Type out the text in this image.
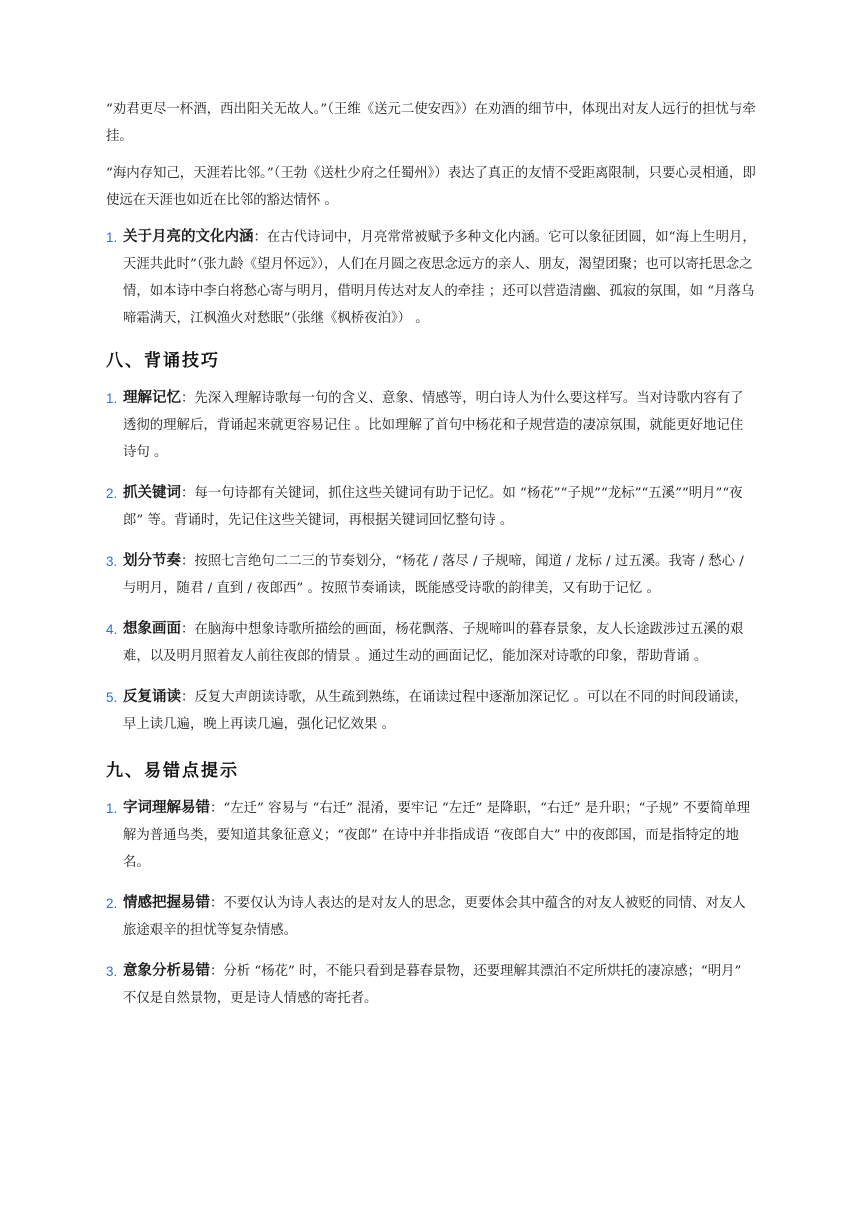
“劝君更尽一杯酒，西出阳关无故人。”（王维《送元二使安西》）在劝酒的细节中，体现出对友人远行的担忧与牵挂。

“海内存知己，天涯若比邻。”（王勃《送杜少府之任蜀州》）表达了真正的友情不受距离限制，只要心灵相通，即使远在天涯也如近在比邻的豁达情怀 。

1. 关于月亮的文化内涵：在古代诗词中，月亮常常被赋予多种文化内涵。它可以象征团圆，如“海上生明月，天涯共此时”（张九龄《望月怀远》），人们在月圆之夜思念远方的亲人、朋友，渴望团聚；也可以寄托思念之情，如本诗中李白将愁心寄与明月，借明月传达对友人的牵挂 ；还可以营造清幽、孤寂的氛围，如 “月落乌啼霜满天，江枫渔火对愁眠”（张继《枫桥夜泊》） 。
八、背诵技巧
1. 理解记忆：先深入理解诗歌每一句的含义、意象、情感等，明白诗人为什么要这样写。当对诗歌内容有了透彻的理解后，背诵起来就更容易记住 。比如理解了首句中杨花和子规营造的凄凉氛围，就能更好地记住诗句 。
2. 抓关键词：每一句诗都有关键词，抓住这些关键词有助于记忆。如 “杨花”“子规”“龙标”“五溪”“明月”“夜郎” 等。背诵时，先记住这些关键词，再根据关键词回忆整句诗 。
3. 划分节奏：按照七言绝句二二三的节奏划分，“杨花 / 落尽 / 子规啼，闻道 / 龙标 / 过五溪。我寄 / 愁心 / 与明月，随君 / 直到 / 夜郎西” 。按照节奏诵读，既能感受诗歌的韵律美，又有助于记忆 。
4. 想象画面：在脑海中想象诗歌所描绘的画面，杨花飘落、子规啼叫的暮春景象，友人长途跋涉过五溪的艰难，以及明月照着友人前往夜郎的情景 。通过生动的画面记忆，能加深对诗歌的印象，帮助背诵 。
5. 反复诵读：反复大声朗读诗歌，从生疏到熟练，在诵读过程中逐渐加深记忆 。可以在不同的时间段诵读，早上读几遍，晚上再读几遍，强化记忆效果 。
九、易错点提示
1. 字词理解易错：“左迁” 容易与 “右迁” 混淆，要牢记 “左迁” 是降职，“右迁” 是升职；“子规” 不要简单理解为普通鸟类，要知道其象征意义；“夜郎” 在诗中并非指成语 “夜郎自大” 中的夜郎国，而是指特定的地名。
2. 情感把握易错：不要仅认为诗人表达的是对友人的思念，更要体会其中蕴含的对友人被贬的同情、对友人旅途艰辛的担忧等复杂情感。
3. 意象分析易错：分析 “杨花” 时，不能只看到是暮春景物，还要理解其漂泊不定所烘托的凄凉感；“明月” 不仅是自然景物，更是诗人情感的寄托者。
